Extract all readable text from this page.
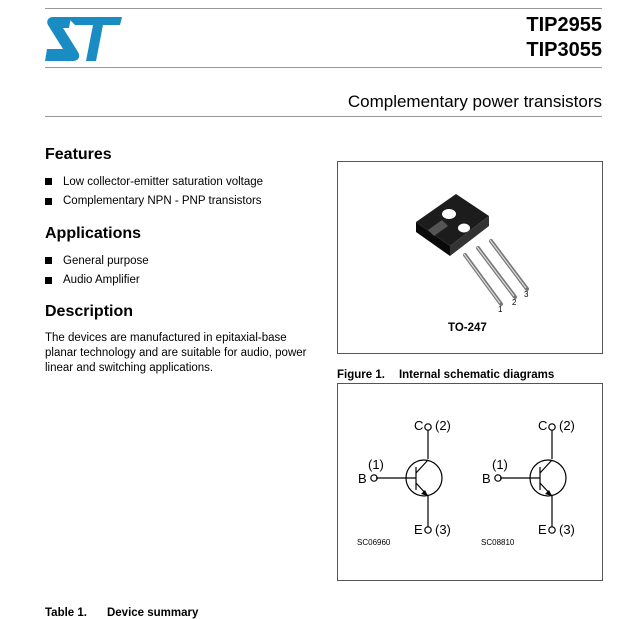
TIP2955
TIP3055
Complementary power transistors
Features
Low collector-emitter saturation voltage
Complementary NPN - PNP transistors
Applications
General purpose
Audio Amplifier
Description

The devices are manufactured in epitaxial-base planar technology and are suitable for audio, power linear and switching applications.

1
2
3
TO-247
Figure 1. Internal schematic diagrams
C (2)
(1)
B
E (3)
SC06960
C (2)
(1)
B
E (3)
SC08810
Table 1. Device summary
